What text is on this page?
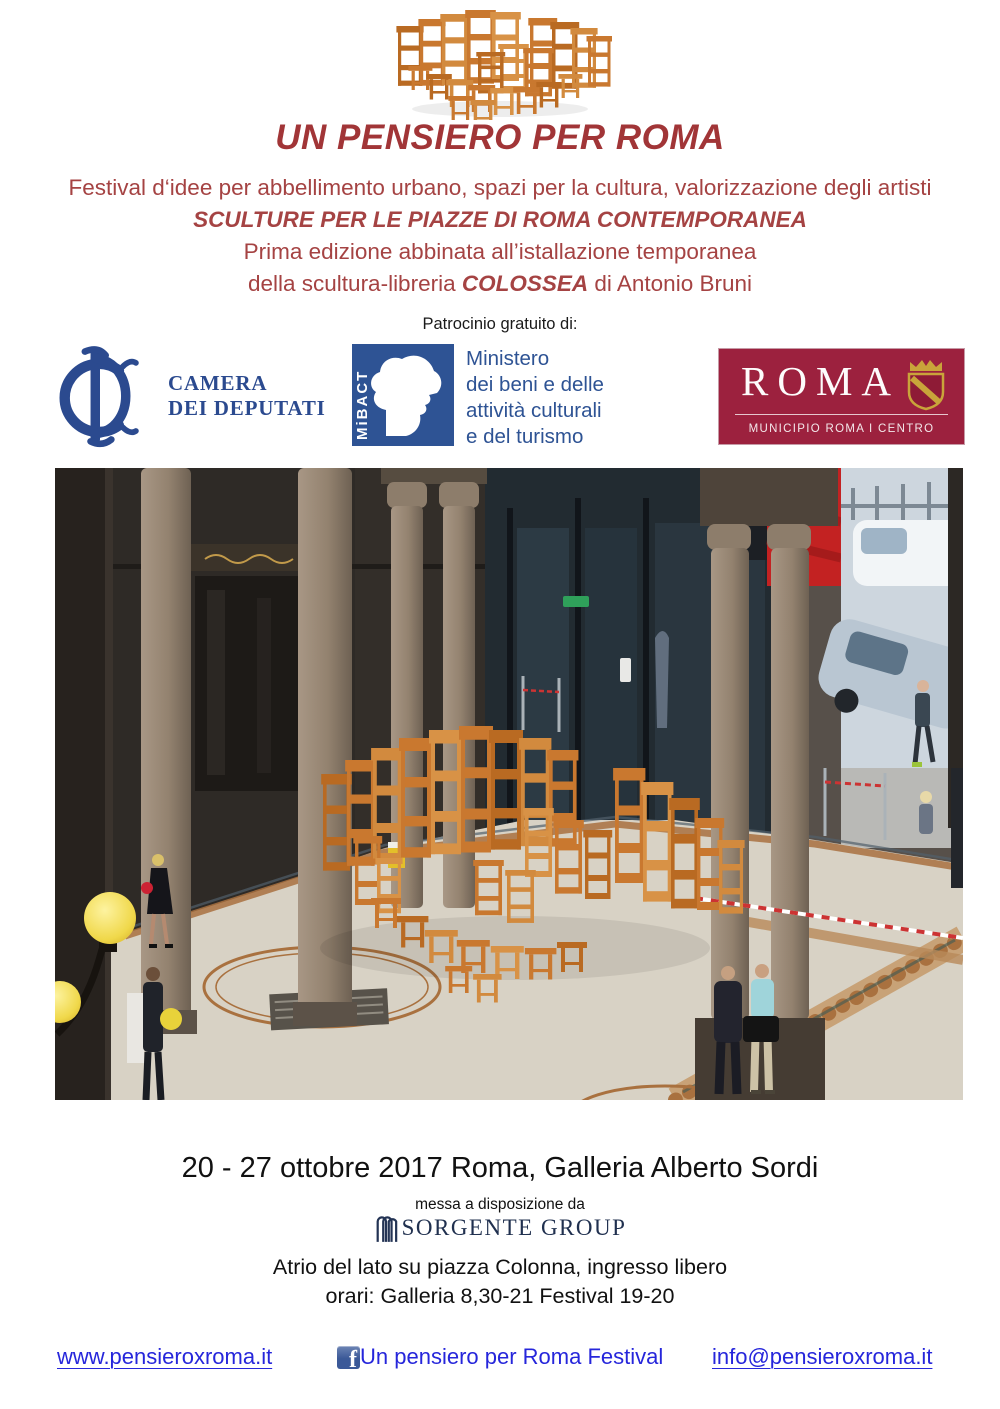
UN PENSIERO PER ROMA
Festival d‘idee per abbellimento urbano, spazi per la cultura, valorizzazione degli artisti
SCULTURE PER LE PIAZZE DI ROMA CONTEMPORANEA
Prima edizione abbinata all’istallazione temporanea
della scultura-libreria COLOSSEA di Antonio Bruni
Patrocinio gratuito di:
CAMERA
DEI DEPUTATI MiBACT
Ministero
dei beni e delle
attività culturali
e del turismo
ROMA
MUNICIPIO ROMA I CENTRO
20 - 27 ottobre 2017 Roma, Galleria Alberto Sordi
messa a disposizione da
SORGENTE GROUP
Atrio del lato su piazza Colonna, ingresso libero
orari: Galleria 8,30-21 Festival 19-20
www.pensieroxroma.it	f Un pensiero per Roma Festival info@pensieroxroma.it
